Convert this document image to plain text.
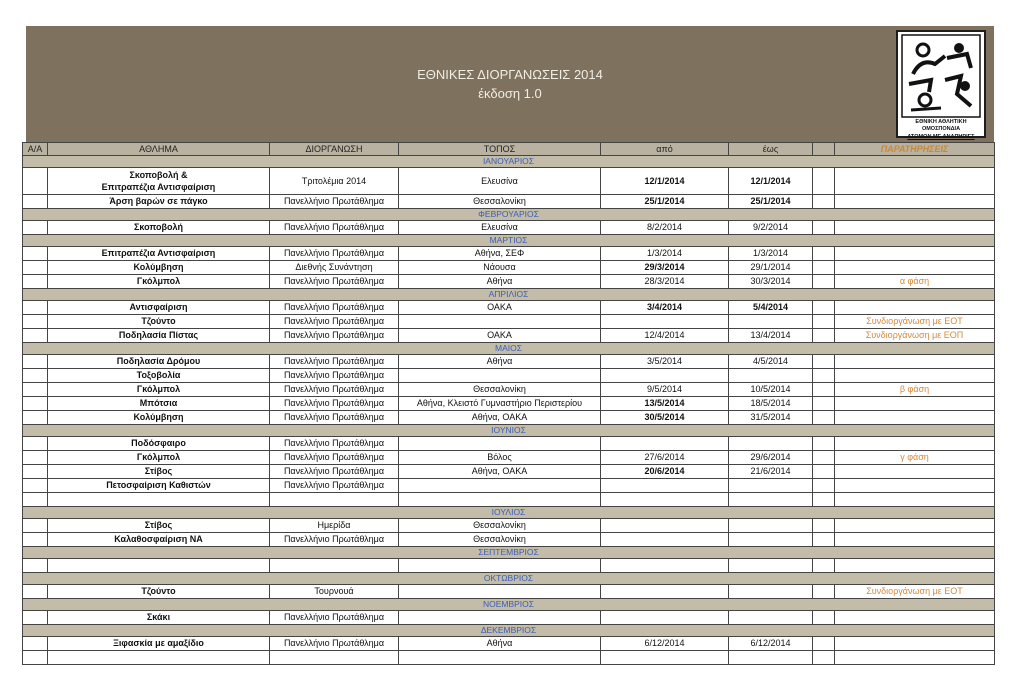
ΕΘΝΙΚΕΣ ΔΙΟΡΓΑΝΩΣΕΙΣ 2014
έκδοση 1.0
ΕΘΝΙΚΗ ΑΘΛΗΤΙΚΗ ΟΜΟΣΠΟΝΔΙΑ
ΑΤΟΜΩΝ ΜΕ ΑΝΑΠΗΡΙΕΣ
Α/Α	ΑΘΛΗΜΑ	ΔΙΟΡΓΑΝΩΣΗ	ΤΟΠΟΣ	από	έως		ΠΑΡΑΤΗΡΗΣΕΙΣ
ΙΑΝΟΥΑΡΙΟΣ							

	Σκοποβολή &
Επιτραπέζια Αντισφαίριση	Τριτολέμια 2014	Ελευσίνα	12/1/2014	12/1/2014		
	Άρση βαρών σε πάγκο	Πανελλήνιο Πρωτάθλημα	Θεσσαλονίκη	25/1/2014	25/1/2014		
ΦΕΒΡΟΥΑΡΙΟΣ							
	Σκοποβολή	Πανελλήνιο Πρωτάθλημα	Ελευσίνα	8/2/2014	9/2/2014		
ΜΑΡΤΙΟΣ							
	Επιτραπέζια Αντισφαίριση	Πανελλήνιο Πρωτάθλημα	Αθήνα, ΣΕΦ	1/3/2014	1/3/2014		
	Κολύμβηση	Διεθνής Συνάντηση	Νάουσα	29/3/2014	29/1/2014		
	Γκόλμπολ	Πανελλήνιο Πρωτάθλημα	Αθήνα	28/3/2014	30/3/2014		α φάση
ΑΠΡΙΛΙΟΣ							
	Αντισφαίριση	Πανελλήνιο Πρωτάθλημα	ΟΑΚΑ	3/4/2014	5/4/2014		
	Τζούντο	Πανελλήνιο Πρωτάθλημα					Συνδιοργάνωση με ΕΟΤ
	Ποδηλασία Πίστας	Πανελλήνιο Πρωτάθλημα	ΟΑΚΑ	12/4/2014	13/4/2014		Συνδιοργάνωση με ΕΟΠ
ΜΑΙΟΣ							
	Ποδηλασία Δρόμου	Πανελλήνιο Πρωτάθλημα	Αθήνα	3/5/2014	4/5/2014		
	Τοξοβολία	Πανελλήνιο Πρωτάθλημα					
	Γκόλμπολ	Πανελλήνιο Πρωτάθλημα	Θεσσαλονίκη	9/5/2014	10/5/2014		β φάση
	Μπότσια	Πανελλήνιο Πρωτάθλημα	Αθήνα, Κλειστό Γυμναστήριο Περιστερίου	13/5/2014	18/5/2014		
	Κολύμβηση	Πανελλήνιο Πρωτάθλημα	Αθήνα, ΟΑΚΑ	30/5/2014	31/5/2014		
ΙΟΥΝΙΟΣ							
	Ποδόσφαιρο	Πανελλήνιο Πρωτάθλημα					
	Γκόλμπολ	Πανελλήνιο Πρωτάθλημα	Βόλος	27/6/2014	29/6/2014		γ φάση
	Στίβος	Πανελλήνιο Πρωτάθλημα	Αθήνα, ΟΑΚΑ	20/6/2014	21/6/2014		
	Πετοσφαίριση Καθιστών	Πανελλήνιο Πρωτάθλημα					

ΙΟΥΛΙΟΣ							
	Στίβος	Ημερίδα	Θεσσαλονίκη				
	Καλαθοσφαίριση ΝΑ	Πανελλήνιο Πρωτάθλημα	Θεσσαλονίκη				
ΣΕΠΤΕΜΒΡΙΟΣ							

ΟΚΤΩΒΡΙΟΣ							
	Τζούντο	Τουρνουά					Συνδιοργάνωση με ΕΟΤ
ΝΟΕΜΒΡΙΟΣ							
	Σκάκι	Πανελλήνιο Πρωτάθλημα					
ΔΕΚΕΜΒΡΙΟΣ							
	Ξιφασκία με αμαξίδιο	Πανελλήνιο Πρωτάθλημα	Αθήνα	6/12/2014	6/12/2014		
